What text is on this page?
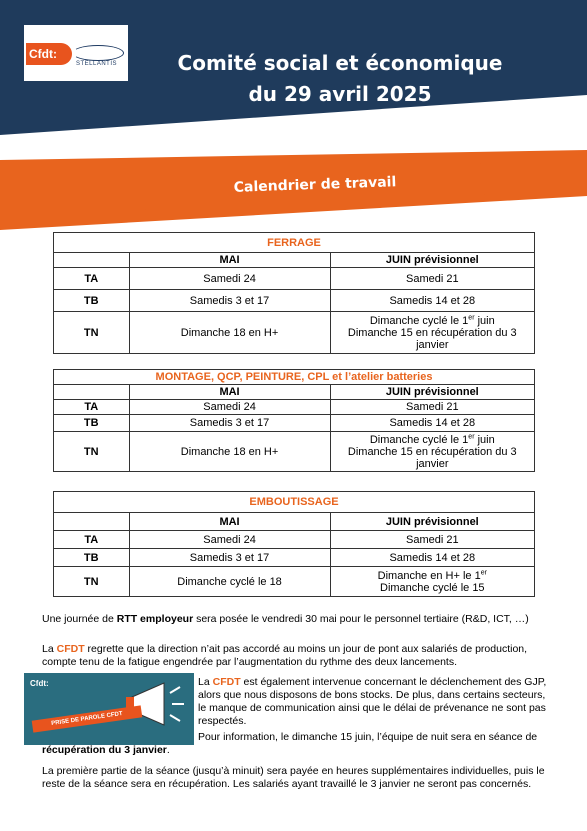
Cfdt:
STELLANTIS	Comité social et économique
du 29 avril 2025
Calendrier de travail
FERRAGE		
	MAI	JUIN prévisionnel
TA	Samedi 24	Samedi 21
TB	Samedis 3 et 17	Samedis 14 et 28
TN	Dimanche 18 en H+	Dimanche cyclé le 1er juin
Dimanche 15 en récupération du 3 janvier
MONTAGE, QCP, PEINTURE, CPL et l’atelier batteries		
	MAI	JUIN prévisionnel
TA	Samedi 24	Samedi 21
TB	Samedis 3 et 17	Samedis 14 et 28
TN	Dimanche 18 en H+	Dimanche cyclé le 1er juin
Dimanche 15 en récupération du 3 janvier
EMBOUTISSAGE		
	MAI	JUIN prévisionnel
TA	Samedi 24	Samedi 21
TB	Samedis 3 et 17	Samedis 14 et 28
TN	Dimanche cyclé le 18	Dimanche en H+ le 1er
Dimanche cyclé le 15
Une journée de RTT employeur sera posée le vendredi 30 mai pour le personnel tertiaire (R&D, ICT, …)
La CFDT regrette que la direction n’ait pas accordé au moins un jour de pont aux salariés de production, compte tenu de la fatigue engendrée par l’augmentation du rythme des deux lancements.
Cfdt:
PRISE DE PAROLE CFDT
La CFDT est également intervenue concernant le déclenchement des GJP, alors que nous disposons de bons stocks. De plus, dans certains secteurs, le manque de communication ainsi que le délai de prévenance ne sont pas respectés.
Pour information, le dimanche 15 juin, l’équipe de nuit sera en séance de récupération du 3 janvier.
La première partie de la séance (jusqu’à minuit) sera payée en heures supplémentaires individuelles, puis le reste de la séance sera en récupération. Les salariés ayant travaillé le 3 janvier ne seront pas concernés.
